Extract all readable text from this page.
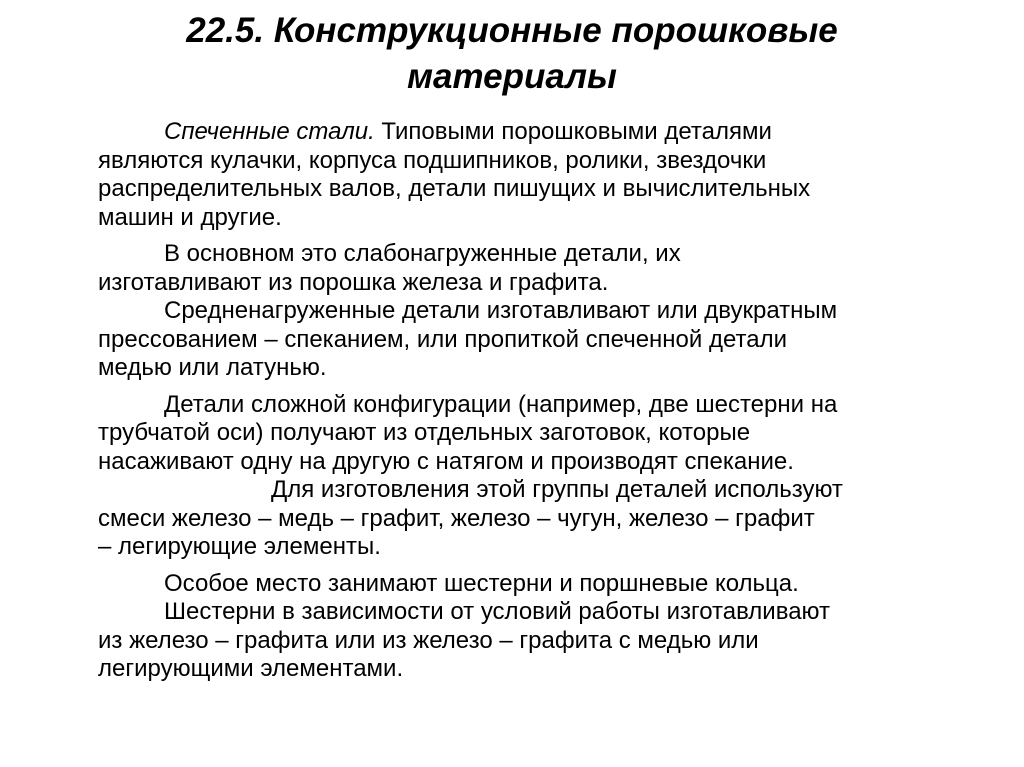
22.5. Конструкционные порошковые
материалы

Спеченные стали. Типовыми порошковыми деталями
являются кулачки, корпуса подшипников, ролики, звездочки
распределительных валов, детали пишущих и вычислительных
машин и другие.

В основном это слабонагруженные детали, их
изготавливают из порошка железа и графита.

Средненагруженные детали изготавливают или двукратным
прессованием – спеканием, или пропиткой спеченной детали
медью или латунью.

Детали сложной конфигурации (например, две шестерни на
трубчатой оси) получают из отдельных заготовок, которые
насаживают одну на другую с натягом и производят спекание.

Для изготовления этой группы деталей используют
смеси железо – медь – графит, железо – чугун, железо – графит
– легирующие элементы.

Особое место занимают шестерни и поршневые кольца.

Шестерни в зависимости от условий работы изготавливают
из железо – графита или из железо – графита с медью или
легирующими элементами.
